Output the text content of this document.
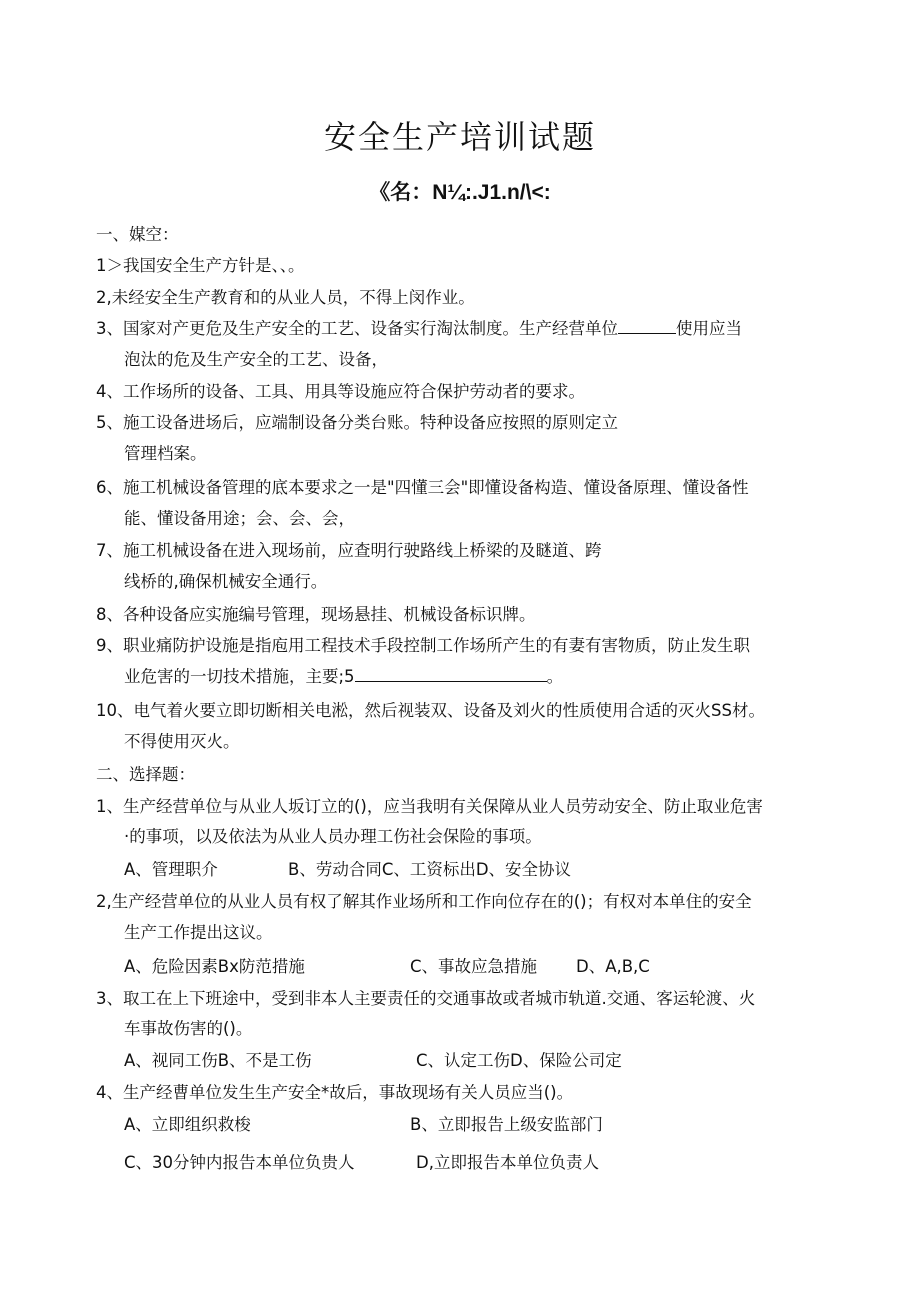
安全生产培训试题
《名：N¼:.J1.n/\<:
一、媒空：
1＞我国安全生产方针是、、。
2,未经安全生产教育和的从业人员，不得上闵作业。
3、国家对产更危及生产安全的工艺、设备实行淘汰制度。生产经营单位	使用应当
泡汰的危及生产安全的工艺、设备，
4、工作场所的设备、工具、用具等设施应符合保护劳动者的要求。
5、施工设备进场后，应端制设备分类台账。特种设备应按照的原则定立
管理档案。
6、施工机械设备管理的底本要求之一是"四懂三会"即懂设备构造、懂设备原理、懂设备性
能、懂设备用途；会、会、会，
7、施工机械设备在进入现场前，应查明行驶路线上桥梁的及瞇道、跨
线桥的,确保机械安全通行。
8、各种设备应实施编号管理，现场悬挂、机械设备标识牌。
9、职业痛防护设施是指庖用工程技术手段控制工作场所产生的有妻有害物质，防止发生职
业危害的一切技术措施，主要;5	。
10、电气着火要立即切断相关电淞，然后视装双、设备及刘火的性质使用合适的灭火SS材。
不得使用灭火。
二、选择题：
1、生产经营单位与从业人坂订立的()，应当我明有关保障从业人员劳动安全、防止取业危害
·的事项，以及依法为从业人员办理工伤社会保险的事项。
A、管理职介	B、劳动合同C、工资标出D、安全协议
2,生产经营单位的从业人员有权了解其作业场所和工作向位存在的()；有权对本单住的安全
生产工作提出这议。
A、危险因素Bx防范措施	C、事故应急措施 D、A,B,C
3、取工在上下班途中，受到非本人主要责任的交通事故或者城市轨道.交通、客运轮渡、火
车事故伤害的()。
A、视同工伤B、不是工伤	C、认定工伤D、保险公司定
4、生产经曹单位发生生产安全*故后，事故现场有关人员应当()。
A、立即组织救梭	B、立即报告上级安监部门
C、30分钟内报告本单位负贵人	D,立即报告本单位负责人
